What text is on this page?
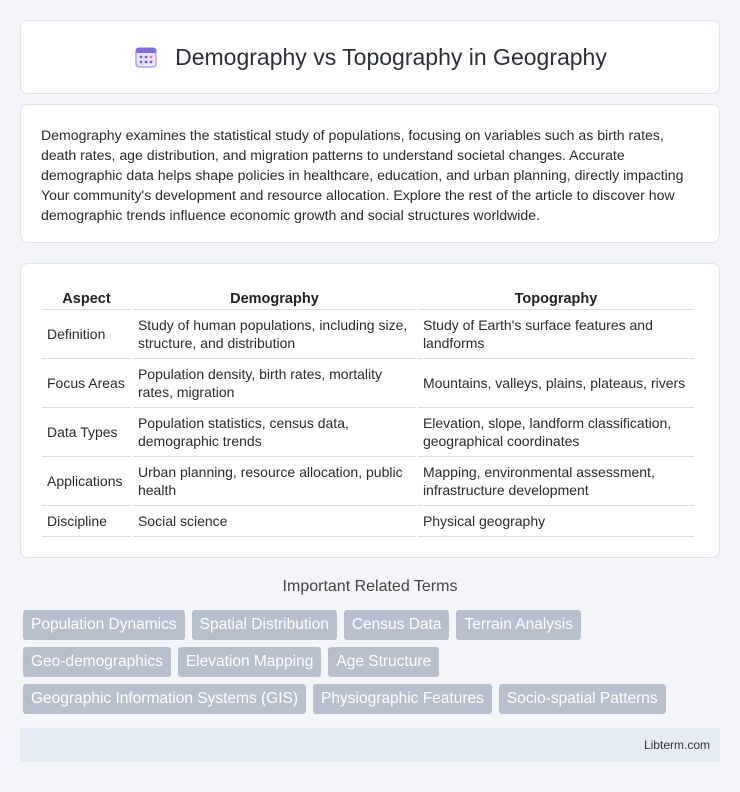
Demography vs Topography in Geography

Demography examines the statistical study of populations, focusing on variables such as birth rates, death rates, age distribution, and migration patterns to understand societal changes. Accurate demographic data helps shape policies in healthcare, education, and urban planning, directly impacting Your community's development and resource allocation. Explore the rest of the article to discover how demographic trends influence economic growth and social structures worldwide.

Aspect	Demography	Topography
Definition	Study of human populations, including size, structure, and distribution	Study of Earth's surface features and landforms
Focus Areas	Population density, birth rates, mortality rates, migration	Mountains, valleys, plains, plateaus, rivers
Data Types	Population statistics, census data, demographic trends	Elevation, slope, landform classification, geographical coordinates
Applications	Urban planning, resource allocation, public health	Mapping, environmental assessment, infrastructure development
Discipline	Social science	Physical geography
Important Related Terms
Population Dynamics	Spatial Distribution	Census Data	Terrain Analysis
Geo-demographics	Elevation Mapping	Age Structure
Geographic Information Systems (GIS)	Physiographic Features	Socio-spatial Patterns
Libterm.com
